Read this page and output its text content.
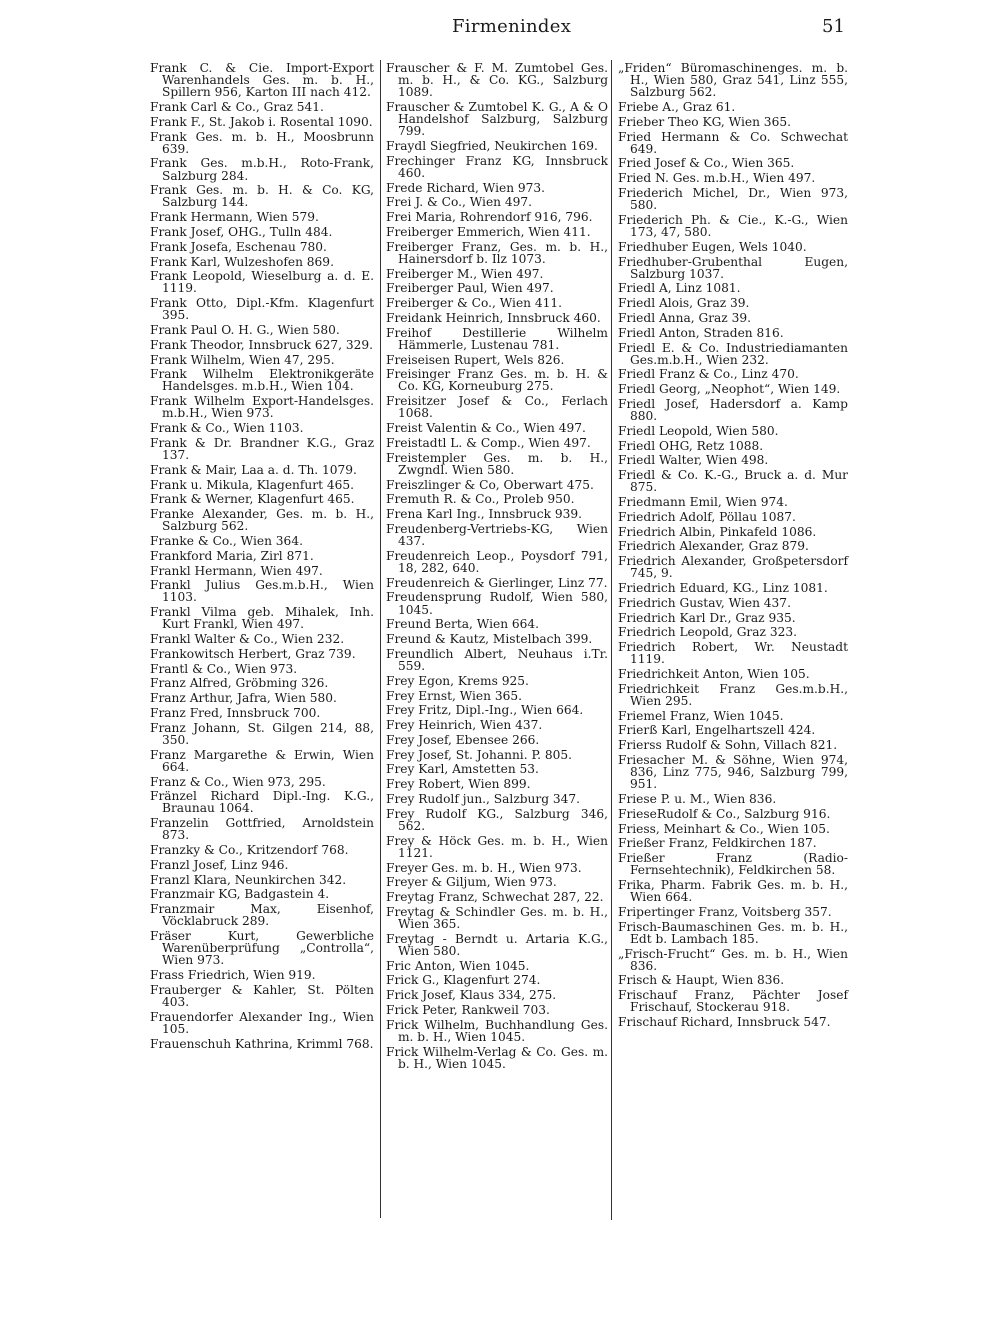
Firmenindex	51
Frank C. & Cie. Import-Export Warenhandels Ges. m. b. H., Spillern 956, Karton III nach 412.
Frank Carl & Co., Graz 541.
Frank F., St. Jakob i. Rosental 1090.
Frank Ges. m. b. H., Moosbrunn 639.
Frank Ges. m.b.H., Roto-Frank, Salzburg 284.
Frank Ges. m. b. H. & Co. KG, Salzburg 144.
Frank Hermann, Wien 579.
Frank Josef, OHG., Tulln 484.
Frank Josefa, Eschenau 780.
Frank Karl, Wulzeshofen 869.
Frank Leopold, Wieselburg a. d. E. 1119.
Frank Otto, Dipl.-Kfm. Klagenfurt 395.
Frank Paul O. H. G., Wien 580.
Frank Theodor, Innsbruck 627, 329.
Frank Wilhelm, Wien 47, 295.
Frank Wilhelm Elektronikgeräte Handelsges. m.b.H., Wien 104.
Frank Wilhelm Export-Handelsges. m.b.H., Wien 973.
Frank & Co., Wien 1103.
Frank & Dr. Brandner K.G., Graz 137.
Frank & Mair, Laa a. d. Th. 1079.
Frank u. Mikula, Klagenfurt 465.
Frank & Werner, Klagenfurt 465.
Franke Alexander, Ges. m. b. H., Salzburg 562.
Franke & Co., Wien 364.
Frankford Maria, Zirl 871.
Frankl Hermann, Wien 497.
Frankl Julius Ges.m.b.H., Wien 1103.
Frankl Vilma geb. Mihalek, Inh. Kurt Frankl, Wien 497.
Frankl Walter & Co., Wien 232.
Frankowitsch Herbert, Graz 739.
Frantl & Co., Wien 973.
Franz Alfred, Gröbming 326.
Franz Arthur, Jafra, Wien 580.
Franz Fred, Innsbruck 700.
Franz Johann, St. Gilgen 214, 88, 350.
Franz Margarethe & Erwin, Wien 664.
Franz & Co., Wien 973, 295.
Fränzel Richard Dipl.-Ing. K.G., Braunau 1064.
Franzelin Gottfried, Arnoldstein 873.
Franzky & Co., Kritzendorf 768.
Franzl Josef, Linz 946.
Franzl Klara, Neunkirchen 342.
Franzmair KG, Badgastein 4.
Franzmair Max, Eisenhof, Vöcklabruck 289.
Fräser Kurt, Gewerbliche Warenüberprüfung „Controlla“, Wien 973.
Frass Friedrich, Wien 919.
Frauberger & Kahler, St. Pölten 403.
Frauendorfer Alexander Ing., Wien 105.
Frauenschuh Kathrina, Krimml 768.
Frauscher & F. M. Zumtobel Ges. m. b. H., & Co. KG., Salzburg 1089.
Frauscher & Zumtobel K. G., A & O Handelshof Salzburg, Salzburg 799.
Fraydl Siegfried, Neukirchen 169.
Frechinger Franz KG, Innsbruck 460.
Frede Richard, Wien 973.
Frei J. & Co., Wien 497.
Frei Maria, Rohrendorf 916, 796.
Freiberger Emmerich, Wien 411.
Freiberger Franz, Ges. m. b. H., Hainersdorf b. Ilz 1073.
Freiberger M., Wien 497.
Freiberger Paul, Wien 497.
Freiberger & Co., Wien 411.
Freidank Heinrich, Innsbruck 460.
Freihof Destillerie Wilhelm Hämmerle, Lustenau 781.
Freiseisen Rupert, Wels 826.
Freisinger Franz Ges. m. b. H. & Co. KG, Korneuburg 275.
Freisitzer Josef & Co., Ferlach 1068.
Freist Valentin & Co., Wien 497.
Freistadtl L. & Comp., Wien 497.
Freistempler Ges. m. b. H., Zwgndl. Wien 580.
Freiszlinger & Co, Oberwart 475.
Fremuth R. & Co., Proleb 950.
Frena Karl Ing., Innsbruck 939.
Freudenberg-Vertriebs-KG, Wien 437.
Freudenreich Leop., Poysdorf 791, 18, 282, 640.
Freudenreich & Gierlinger, Linz 77.
Freudensprung Rudolf, Wien 580, 1045.
Freund Berta, Wien 664.
Freund & Kautz, Mistelbach 399.
Freundlich Albert, Neuhaus i.Tr. 559.
Frey Egon, Krems 925.
Frey Ernst, Wien 365.
Frey Fritz, Dipl.-Ing., Wien 664.
Frey Heinrich, Wien 437.
Frey Josef, Ebensee 266.
Frey Josef, St. Johanni. P. 805.
Frey Karl, Amstetten 53.
Frey Robert, Wien 899.
Frey Rudolf jun., Salzburg 347.
Frey Rudolf KG., Salzburg 346, 562.
Frey & Höck Ges. m. b. H., Wien 1121.
Freyer Ges. m. b. H., Wien 973.
Freyer & Giljum, Wien 973.
Freytag Franz, Schwechat 287, 22.
Freytag & Schindler Ges. m. b. H., Wien 365.
Freytag - Berndt u. Artaria K.G., Wien 580.
Fric Anton, Wien 1045.
Frick G., Klagenfurt 274.
Frick Josef, Klaus 334, 275.
Frick Peter, Rankweil 703.
Frick Wilhelm, Buchhandlung Ges. m. b. H., Wien 1045.
Frick Wilhelm-Verlag & Co. Ges. m. b. H., Wien 1045.
„Friden“ Büromaschinenges. m. b. H., Wien 580, Graz 541, Linz 555, Salzburg 562.
Friebe A., Graz 61.
Frieber Theo KG, Wien 365.
Fried Hermann & Co. Schwechat 649.
Fried Josef & Co., Wien 365.
Fried N. Ges. m.b.H., Wien 497.
Friederich Michel, Dr., Wien 973, 580.
Friederich Ph. & Cie., K.-G., Wien 173, 47, 580.
Friedhuber Eugen, Wels 1040.
Friedhuber-Grubenthal Eugen, Salzburg 1037.
Friedl A, Linz 1081.
Friedl Alois, Graz 39.
Friedl Anna, Graz 39.
Friedl Anton, Straden 816.
Friedl E. & Co. Industriediamanten Ges.m.b.H., Wien 232.
Friedl Franz & Co., Linz 470.
Friedl Georg, „Neophot“, Wien 149.
Friedl Josef, Hadersdorf a. Kamp 880.
Friedl Leopold, Wien 580.
Friedl OHG, Retz 1088.
Friedl Walter, Wien 498.
Friedl & Co. K.-G., Bruck a. d. Mur 875.
Friedmann Emil, Wien 974.
Friedrich Adolf, Pöllau 1087.
Friedrich Albin, Pinkafeld 1086.
Friedrich Alexander, Graz 879.
Friedrich Alexander, Großpetersdorf 745, 9.
Friedrich Eduard, KG., Linz 1081.
Friedrich Gustav, Wien 437.
Friedrich Karl Dr., Graz 935.
Friedrich Leopold, Graz 323.
Friedrich Robert, Wr. Neustadt 1119.
Friedrichkeit Anton, Wien 105.
Friedrichkeit Franz Ges.m.b.H., Wien 295.
Friemel Franz, Wien 1045.
Frierß Karl, Engelhartszell 424.
Frierss Rudolf & Sohn, Villach 821.
Friesacher M. & Söhne, Wien 974, 836, Linz 775, 946, Salzburg 799, 951.
Friese P. u. M., Wien 836.
FrieseRudolf & Co., Salzburg 916.
Friess, Meinhart & Co., Wien 105.
Frießer Franz, Feldkirchen 187.
Frießer Franz (Radio-Fernsehtechnik), Feldkirchen 58.
Frika, Pharm. Fabrik Ges. m. b. H., Wien 664.
Fripertinger Franz, Voitsberg 357.
Frisch-Baumaschinen Ges. m. b. H., Edt b. Lambach 185.
„Frisch-Frucht“ Ges. m. b. H., Wien 836.
Frisch & Haupt, Wien 836.
Frischauf Franz, Pächter Josef Frischauf, Stockerau 918.
Frischauf Richard, Innsbruck 547.
